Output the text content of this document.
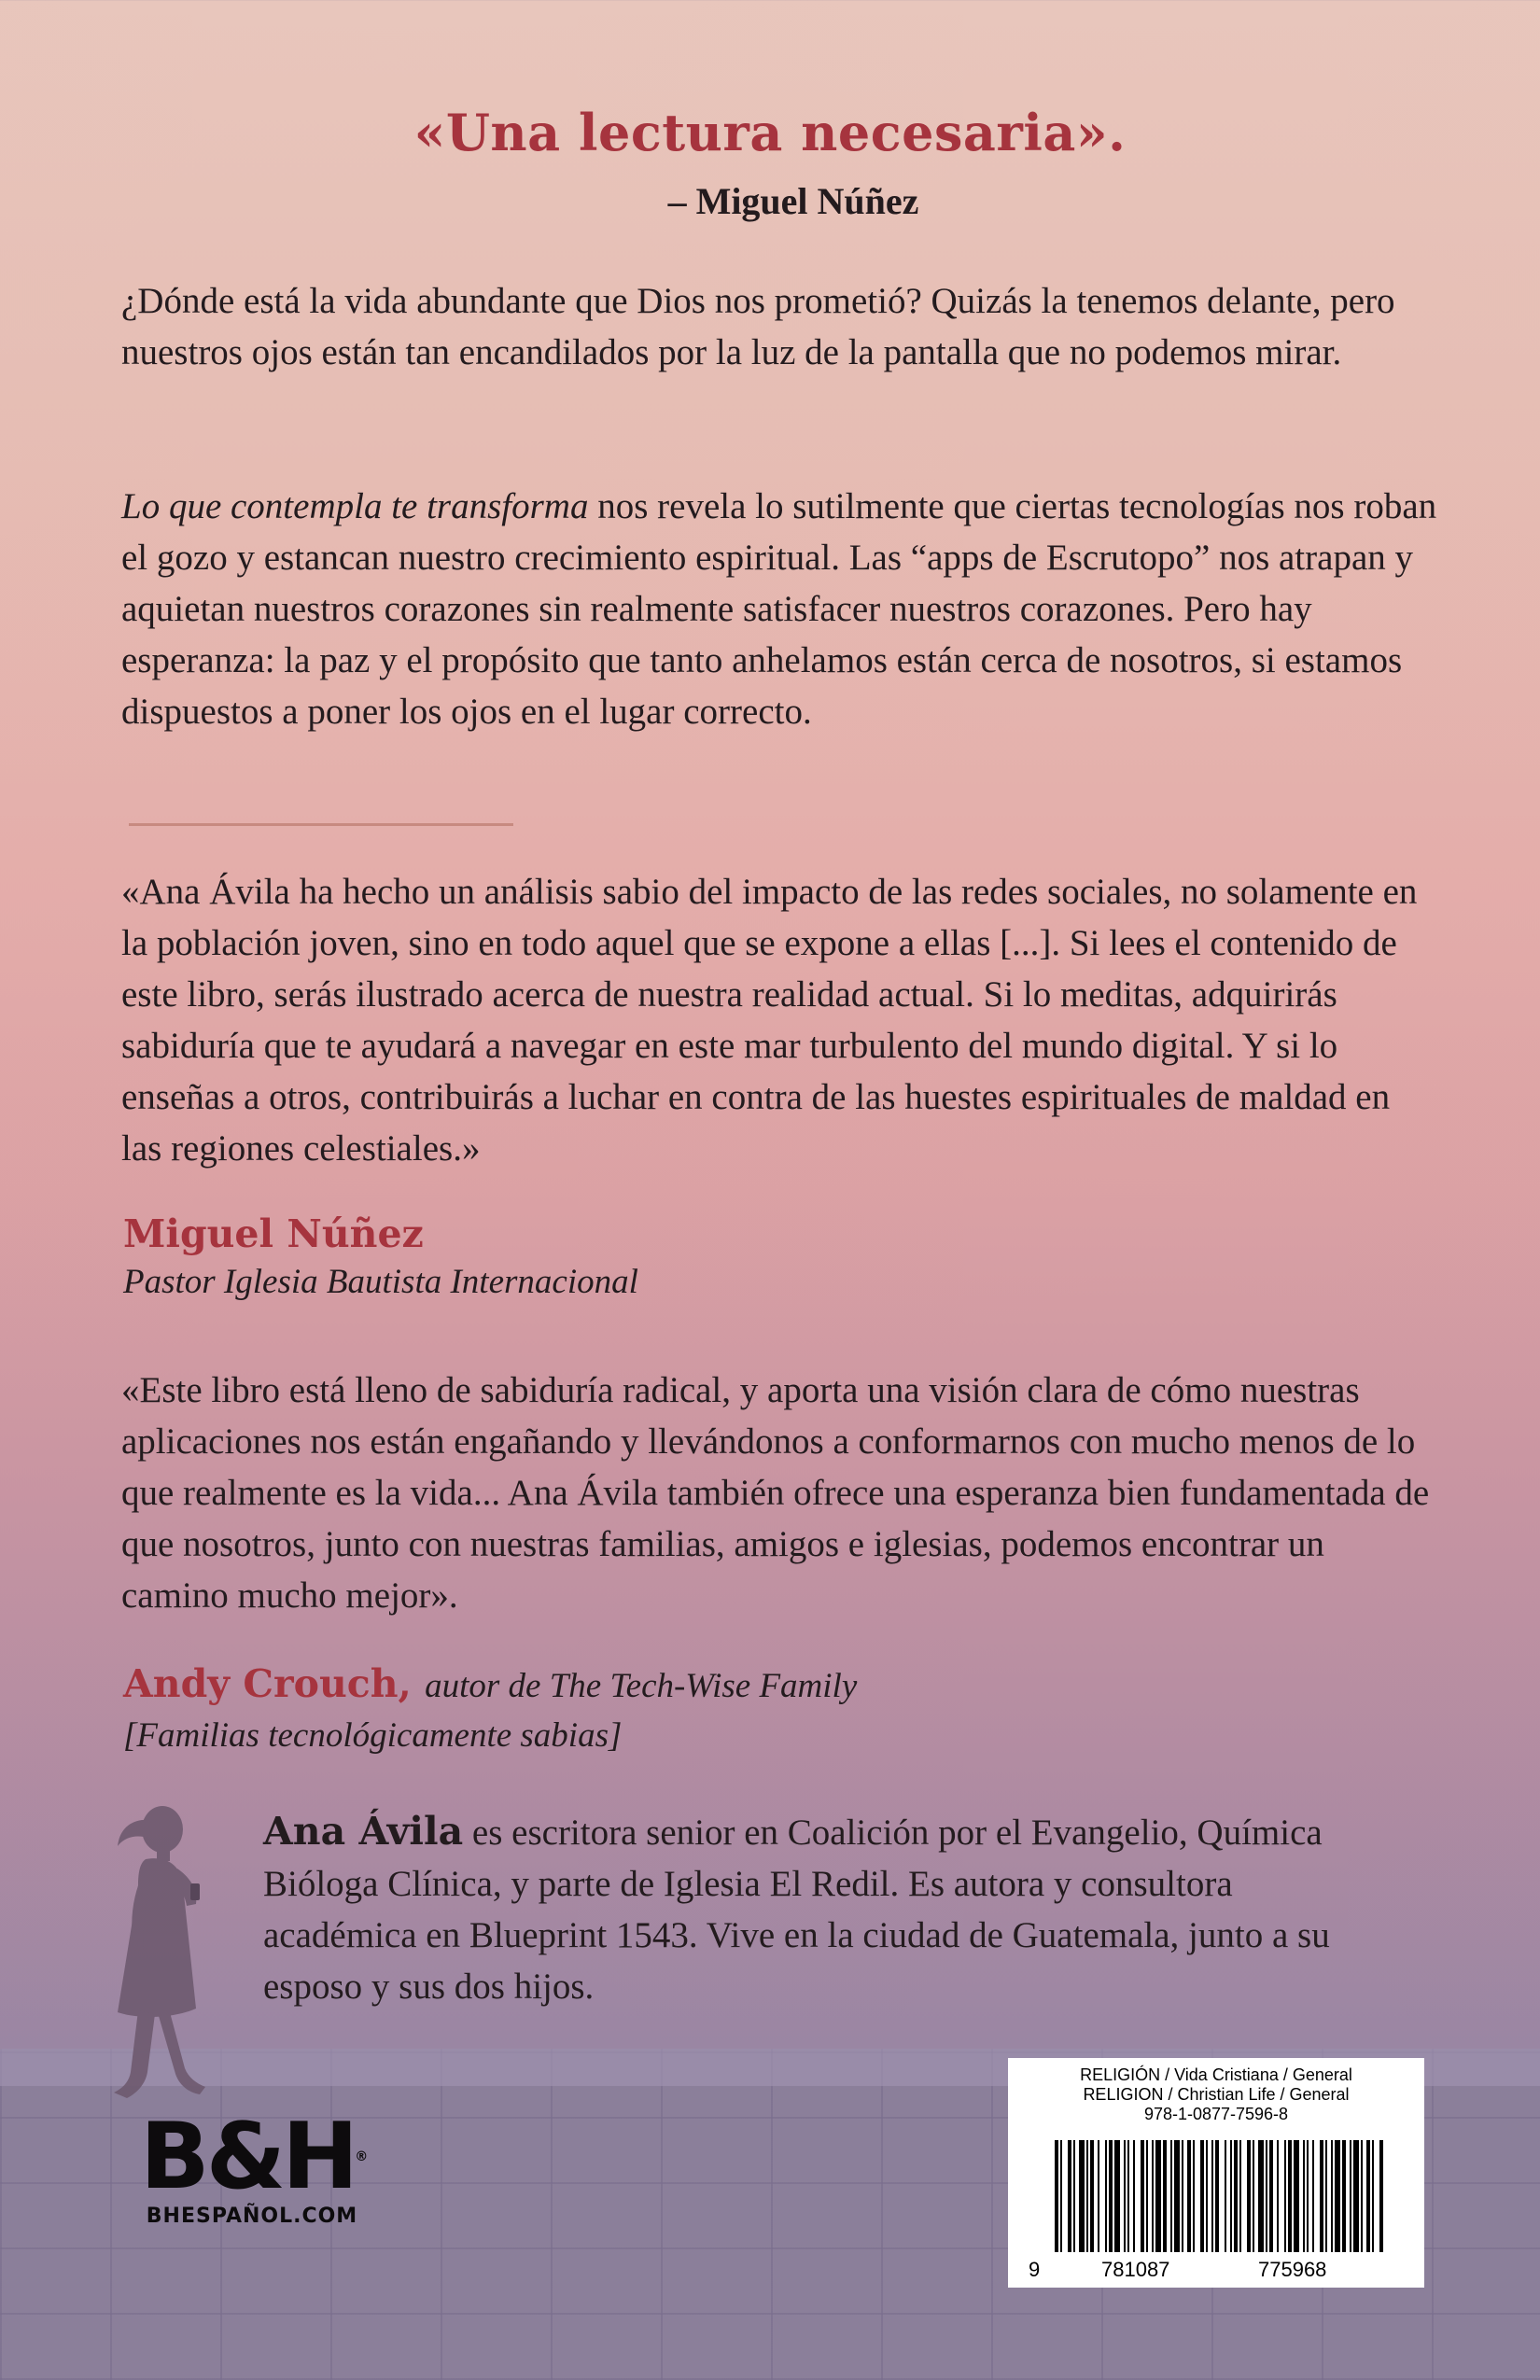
«Una lectura necesaria».
– Miguel Núñez

¿Dónde está la vida abundante que Dios nos prometió? Quizás la tenemos delante, pero nuestros ojos están tan encandilados por la luz de la pantalla que no podemos mirar.

Lo que contempla te transforma nos revela lo sutilmente que ciertas tecnologías nos roban el gozo y estancan nuestro crecimiento espiritual. Las “apps de Escrutopo” nos atrapan y aquietan nuestros corazones sin realmente satisfacer nuestros corazones. Pero hay esperanza: la paz y el propósito que tanto anhelamos están cerca de nosotros, si estamos dispuestos a poner los ojos en el lugar correcto.

«Ana Ávila ha hecho un análisis sabio del impacto de las redes sociales, no solamente en la población joven, sino en todo aquel que se expone a ellas [...]. Si lees el contenido de este libro, serás ilustrado acerca de nuestra realidad actual. Si lo meditas, adquirirás sabiduría que te ayudará a navegar en este mar turbulento del mundo digital. Y si lo enseñas a otros, contribuirás a luchar en contra de las huestes espirituales de maldad en las regiones celestiales.»

Miguel Núñez
Pastor Iglesia Bautista Internacional

«Este libro está lleno de sabiduría radical, y aporta una visión clara de cómo nuestras aplicaciones nos están engañando y llevándonos a conformarnos con mucho menos de lo que realmente es la vida... Ana Ávila también ofrece una esperanza bien fundamentada de que nosotros, junto con nuestras familias, amigos e iglesias, podemos encontrar un camino mucho mejor».

Andy Crouch, autor de The Tech-Wise Family
[Familias tecnológicamente sabias]

Ana Ávila es escritora senior en Coalición por el Evangelio, Química Bióloga Clínica, y parte de Iglesia El Redil. Es autora y consultora académica en Blueprint 1543. Vive en la ciudad de Guatemala, junto a su esposo y sus dos hijos.

B&H®
BHESPAÑOL.COM
RELIGIÓN / Vida Cristiana / General
RELIGION / Christian Life / General
978-1-0877-7596-8
9	781087	775968
